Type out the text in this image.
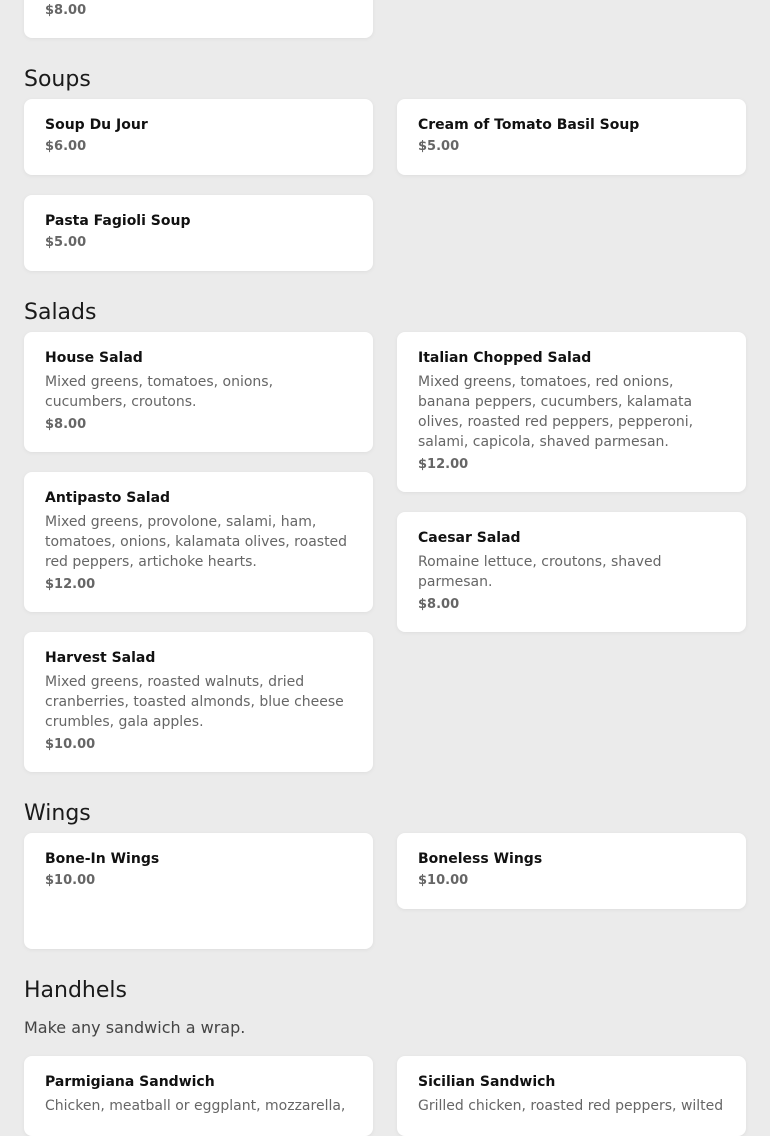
$8.00
Soups
Soup Du Jour
$6.00
Cream of Tomato Basil Soup
$5.00
Pasta Fagioli Soup
$5.00
Salads
House Salad
Mixed greens, tomatoes, onions, cucumbers, croutons.
$8.00
Italian Chopped Salad
Mixed greens, tomatoes, red onions, banana peppers, cucumbers, kalamata olives, roasted red peppers, pepperoni, salami, capicola, shaved parmesan.
$12.00
Antipasto Salad
Mixed greens, provolone, salami, ham, tomatoes, onions, kalamata olives, roasted red peppers, artichoke hearts.
$12.00
Caesar Salad
Romaine lettuce, croutons, shaved parmesan.
$8.00
Harvest Salad
Mixed greens, roasted walnuts, dried cranberries, toasted almonds, blue cheese crumbles, gala apples.
$10.00
Wings
Bone-In Wings
$10.00
Boneless Wings
$10.00
Handhels
Make any sandwich a wrap.
Parmigiana Sandwich
Chicken, meatball or eggplant, mozzarella,
Sicilian Sandwich
Grilled chicken, roasted red peppers, wilted
